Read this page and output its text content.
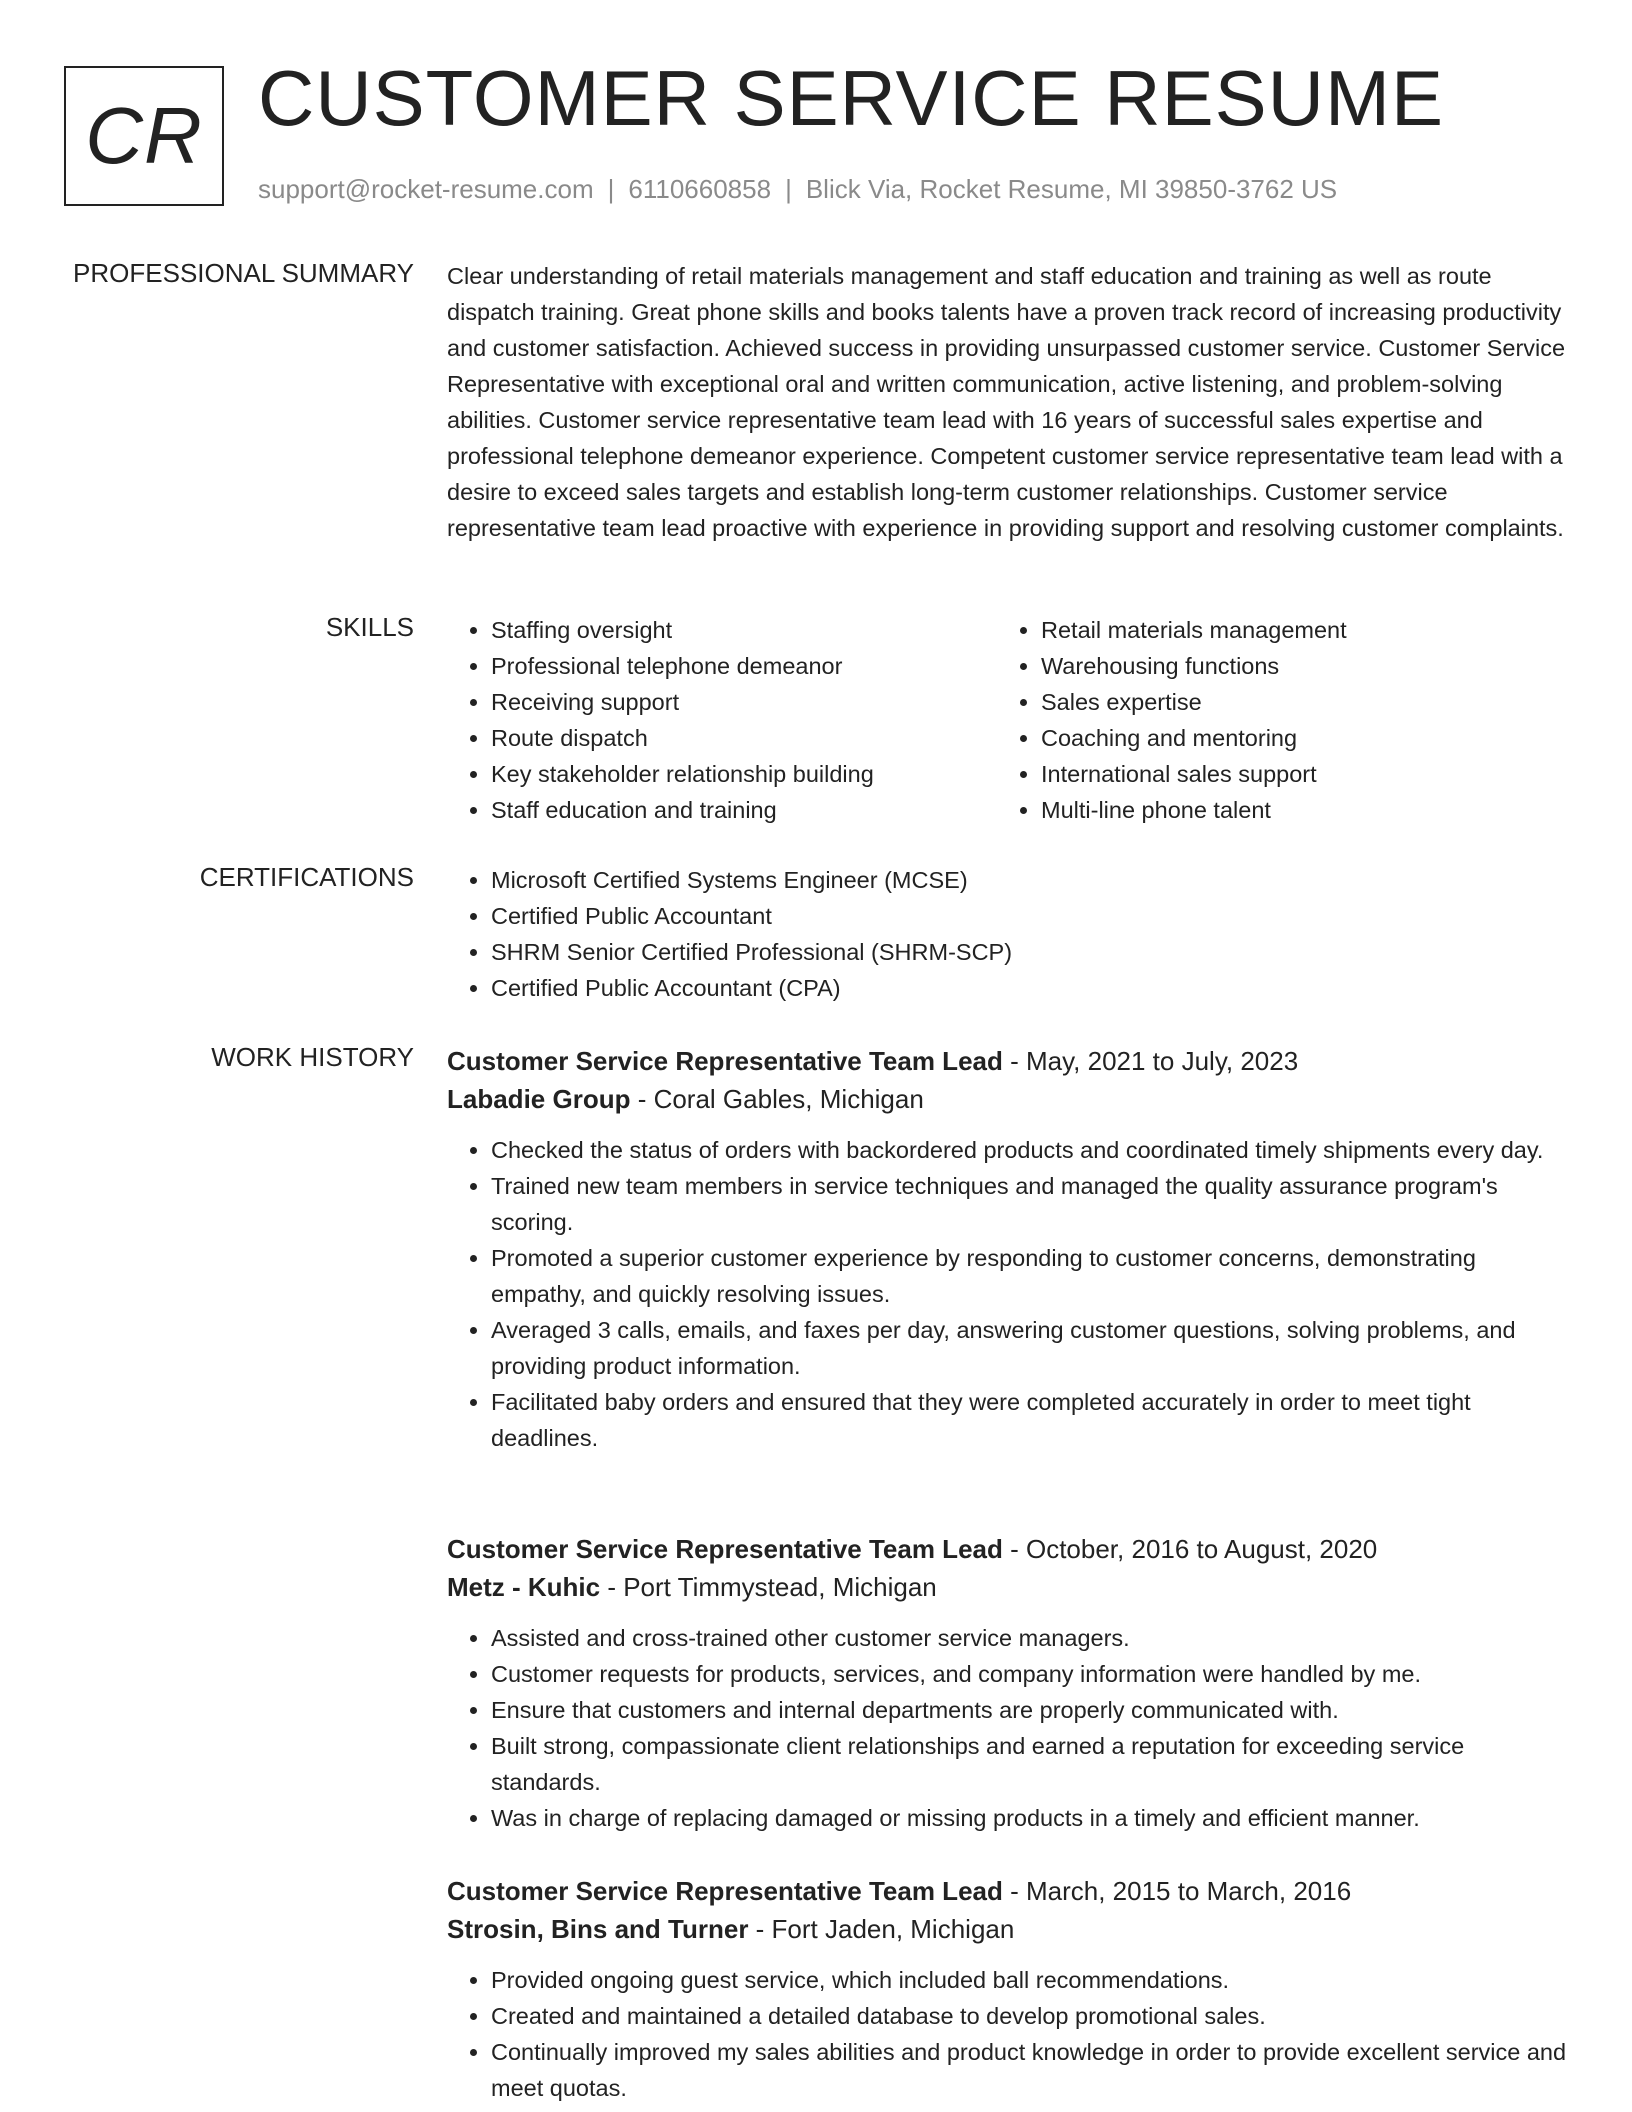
CR CUSTOMER SERVICE RESUME
support@rocket-resume.com | 6110660858 | Blick Via, Rocket Resume, MI 39850-3762 US
PROFESSIONAL SUMMARY Clear understanding of retail materials management and staff education and training as well as route dispatch training. Great phone skills and books talents have a proven track record of increasing productivity and customer satisfaction. Achieved success in providing unsurpassed customer service. Customer Service Representative with exceptional oral and written communication, active listening, and problem-solving abilities. Customer service representative team lead with 16 years of successful sales expertise and professional telephone demeanor experience. Competent customer service representative team lead with a desire to exceed sales targets and establish long-term customer relationships. Customer service representative team lead proactive with experience in providing support and resolving customer complaints.
SKILLS	• Staffing oversight
• Professional telephone demeanor
• Receiving support
• Route dispatch
• Key stakeholder relationship building
• Staff education and training
• Retail materials management
• Warehousing functions
• Sales expertise
• Coaching and mentoring
• International sales support
• Multi-line phone talent
CERTIFICATIONS	• Microsoft Certified Systems Engineer (MCSE)
• Certified Public Accountant
• SHRM Senior Certified Professional (SHRM-SCP)
• Certified Public Accountant (CPA)
WORK HISTORY Customer Service Representative Team Lead - May, 2021 to July, 2023
Labadie Group - Coral Gables, Michigan
• Checked the status of orders with backordered products and coordinated timely shipments every day.
• Trained new team members in service techniques and managed the quality assurance program's scoring.
• Promoted a superior customer experience by responding to customer concerns, demonstrating empathy, and quickly resolving issues.
• Averaged 3 calls, emails, and faxes per day, answering customer questions, solving problems, and providing product information.
• Facilitated baby orders and ensured that they were completed accurately in order to meet tight deadlines.
Customer Service Representative Team Lead - October, 2016 to August, 2020
Metz - Kuhic - Port Timmystead, Michigan
• Assisted and cross-trained other customer service managers.
• Customer requests for products, services, and company information were handled by me.
• Ensure that customers and internal departments are properly communicated with.
• Built strong, compassionate client relationships and earned a reputation for exceeding service standards.
• Was in charge of replacing damaged or missing products in a timely and efficient manner.
Customer Service Representative Team Lead - March, 2015 to March, 2016
Strosin, Bins and Turner - Fort Jaden, Michigan
• Provided ongoing guest service, which included ball recommendations.
• Created and maintained a detailed database to develop promotional sales.
• Continually improved my sales abilities and product knowledge in order to provide excellent service and meet quotas.
